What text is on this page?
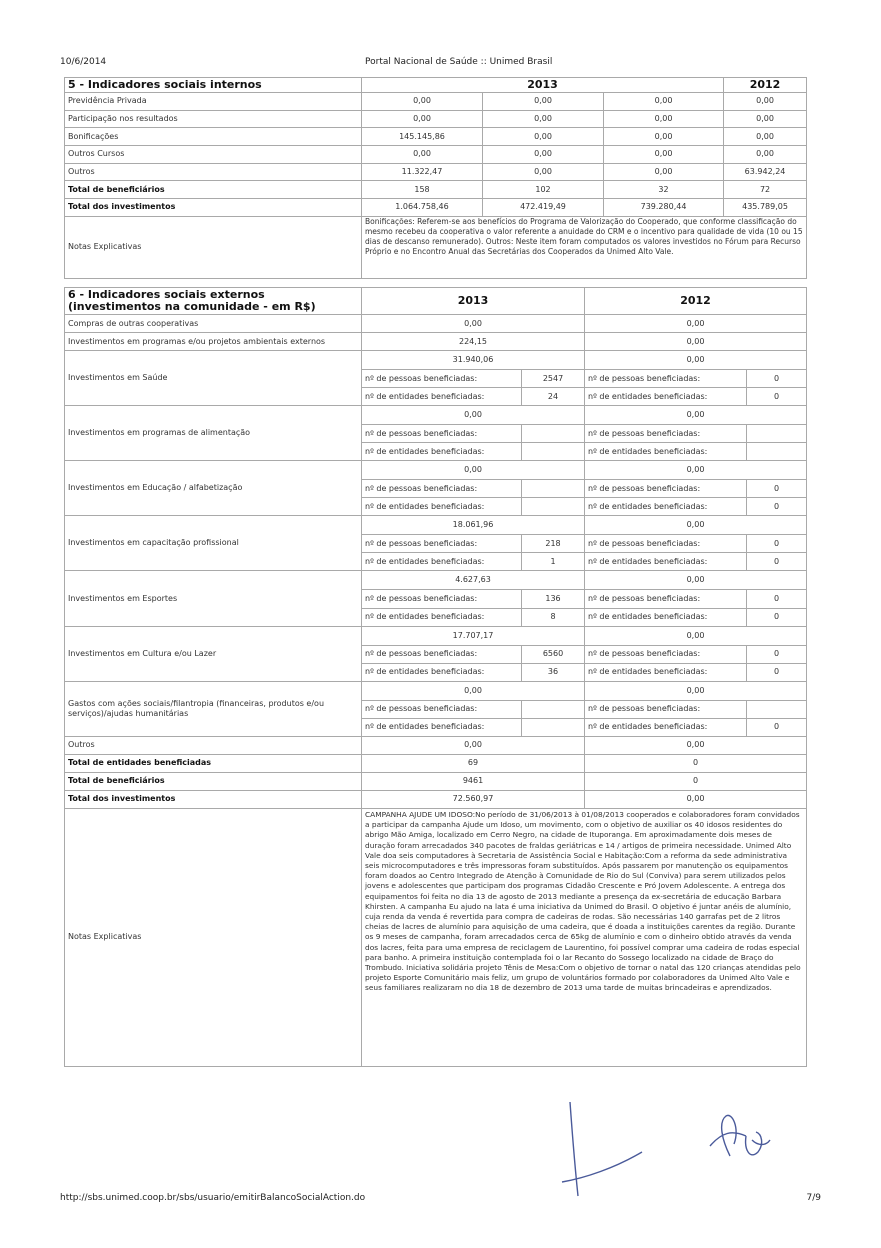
10/6/2014	Portal Nacional de Saúde :: Unimed Brasil
5 - Indicadores sociais internos	2013			2012
Previdência Privada	0,00	0,00	0,00	0,00
Participação nos resultados	0,00	0,00	0,00	0,00
Bonificações	145.145,86	0,00	0,00	0,00
Outros Cursos	0,00	0,00	0,00	0,00
Outros	11.322,47	0,00	0,00	63.942,24
Total de beneficiários	158	102	32	72
Total dos investimentos	1.064.758,46	472.419,49	739.280,44	435.789,05
Notas Explicativas	Bonificações: Referem-se aos benefícios do Programa de Valorização do Cooperado, que conforme classificação do mesmo recebeu da cooperativa o valor referente a anuidade do CRM e o incentivo para qualidade de vida (10 ou 15 dias de descanso remunerado). Outros: Neste item foram computados os valores investidos no Fórum para Recurso Próprio e no Encontro Anual das Secretárias dos Cooperados da Unimed Alto Vale.			
6 - Indicadores sociais externos (investimentos na comunidade - em R$)	2013		2012	
Compras de outras cooperativas	0,00		0,00	
Investimentos em programas e/ou projetos ambientais externos	224,15		0,00	
Investimentos em Saúde	31.940,06		0,00	
	nº de pessoas beneficiadas:	2547	nº de pessoas beneficiadas:	0
	nº de entidades beneficiadas:	24	nº de entidades beneficiadas:	0
Investimentos em programas de alimentação	0,00		0,00	
	nº de pessoas beneficiadas:		nº de pessoas beneficiadas:	
	nº de entidades beneficiadas:		nº de entidades beneficiadas:	
Investimentos em Educação / alfabetização	0,00		0,00	
	nº de pessoas beneficiadas:		nº de pessoas beneficiadas:	0
	nº de entidades beneficiadas:		nº de entidades beneficiadas:	0
Investimentos em capacitação profissional	18.061,96		0,00	
	nº de pessoas beneficiadas:	218	nº de pessoas beneficiadas:	0
	nº de entidades beneficiadas:	1	nº de entidades beneficiadas:	0
Investimentos em Esportes	4.627,63		0,00	
	nº de pessoas beneficiadas:	136	nº de pessoas beneficiadas:	0
	nº de entidades beneficiadas:	8	nº de entidades beneficiadas:	0
Investimentos em Cultura e/ou Lazer	17.707,17		0,00	
	nº de pessoas beneficiadas:	6560	nº de pessoas beneficiadas:	0
	nº de entidades beneficiadas:	36	nº de entidades beneficiadas:	0
Gastos com ações sociais/filantropia (financeiras, produtos e/ou serviços)/ajudas humanitárias	0,00		0,00	
	nº de pessoas beneficiadas:		nº de pessoas beneficiadas:	
	nº de entidades beneficiadas:		nº de entidades beneficiadas:	0
Outros	0,00		0,00	
Total de entidades beneficiadas	69		0	
Total de beneficiários	9461		0	
Total dos investimentos	72.560,97		0,00	
Notas Explicativas	CAMPANHA AJUDE UM IDOSO:No período de 31/06/2013 à 01/08/2013 cooperados e colaboradores foram convidados a participar da campanha Ajude um Idoso, um movimento, com o objetivo de auxiliar os 40 idosos residentes do abrigo Mão Amiga, localizado em Cerro Negro, na cidade de Ituporanga. Em aproximadamente dois meses de duração foram arrecadados 340 pacotes de fraldas geriátricas e 14 / artigos de primeira necessidade. Unimed Alto Vale doa seis computadores à Secretaria de Assistência Social e Habitação:Com a reforma da sede administrativa seis microcomputadores e três impressoras foram substituídos. Após passarem por manutenção os equipamentos foram doados ao Centro Integrado de Atenção à Comunidade de Rio do Sul (Conviva) para serem utilizados pelos jovens e adolescentes que participam dos programas Cidadão Crescente e Pró Jovem Adolescente. A entrega dos equipamentos foi feita no dia 13 de agosto de 2013 mediante a presença da ex-secretária de educação Barbara Khirsten. A campanha Eu ajudo na lata é uma iniciativa da Unimed do Brasil. O objetivo é juntar anéis de alumínio, cuja renda da venda é revertida para compra de cadeiras de rodas. São necessárias 140 garrafas pet de 2 litros cheias de lacres de alumínio para aquisição de uma cadeira, que é doada a instituições carentes da região. Durante os 9 meses de campanha, foram arrecadados cerca de 65kg de alumínio e com o dinheiro obtido através da venda dos lacres, feita para uma empresa de reciclagem de Laurentino, foi possível comprar uma cadeira de rodas especial para banho. A primeira instituição contemplada foi o lar Recanto do Sossego localizado na cidade de Braço do Trombudo. Iniciativa solidária projeto Tênis de Mesa:Com o objetivo de tornar o natal das 120 crianças atendidas pelo projeto Esporte Comunitário mais feliz, um grupo de voluntários formado por colaboradores da Unimed Alto Vale e seus familiares realizaram no dia 18 de dezembro de 2013 uma tarde de muitas brincadeiras e aprendizados.			
http://sbs.unimed.coop.br/sbs/usuario/emitirBalancoSocialAction.do	7/9
